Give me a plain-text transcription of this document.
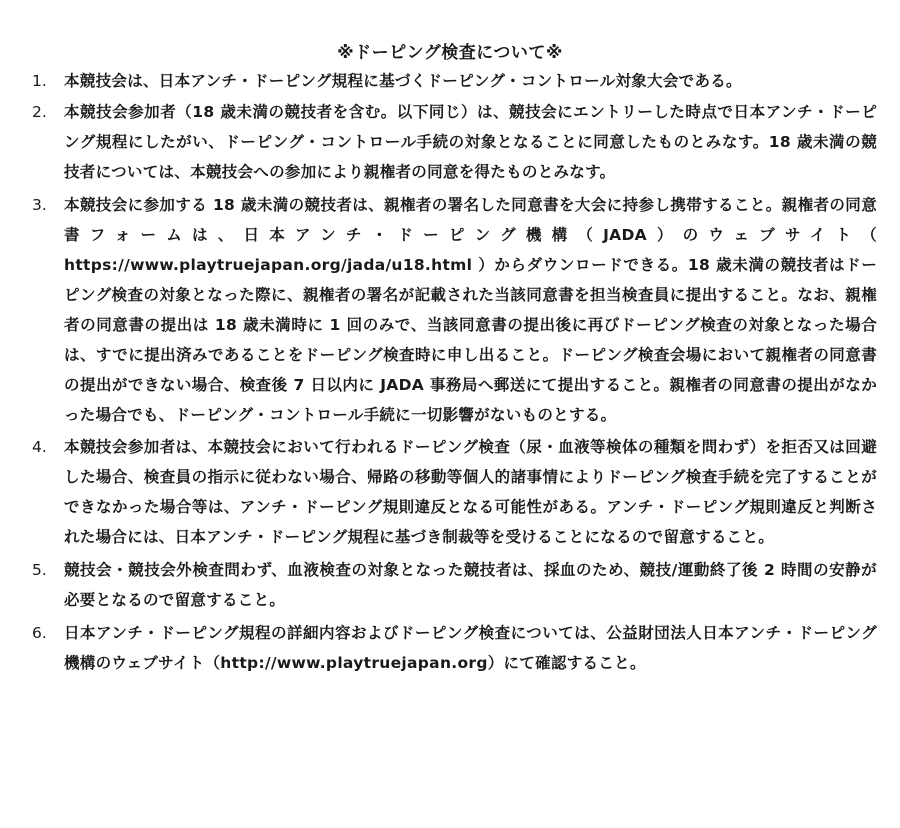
※ドーピング検査について※
1.	本競技会は、日本アンチ・ドーピング規程に基づくドーピング・コントロール対象大会である。
2.	本競技会参加者（18 歳未満の競技者を含む。以下同じ）は、競技会にエントリーした時点で日本アンチ・ドーピング規程にしたがい、ドーピング・コントロール手続の対象となることに同意したものとみなす。18 歳未満の競技者については、本競技会への参加により親権者の同意を得たものとみなす。
3.	本競技会に参加する 18 歳未満の競技者は、親権者の署名した同意書を大会に持参し携帯すること。親権者の同意書フォームは、日本アンチ・ドーピング機構（JADA）のウェブサイト（ https://www.playtruejapan.org/jada/u18.html ）からダウンロードできる。18 歳未満の競技者はドーピング検査の対象となった際に、親権者の署名が記載された当該同意書を担当検査員に提出すること。なお、親権者の同意書の提出は 18 歳未満時に 1 回のみで、当該同意書の提出後に再びドーピング検査の対象となった場合は、すでに提出済みであることをドーピング検査時に申し出ること。ドーピング検査会場において親権者の同意書の提出ができない場合、検査後 7 日以内に JADA 事務局へ郵送にて提出すること。親権者の同意書の提出がなかった場合でも、ドーピング・コントロール手続に一切影響がないものとする。
4.	本競技会参加者は、本競技会において行われるドーピング検査（尿・血液等検体の種類を問わず）を拒否又は回避した場合、検査員の指示に従わない場合、帰路の移動等個人的諸事情によりドーピング検査手続を完了することができなかった場合等は、アンチ・ドーピング規則違反となる可能性がある。アンチ・ドーピング規則違反と判断された場合には、日本アンチ・ドーピング規程に基づき制裁等を受けることになるので留意すること。
5.	競技会・競技会外検査問わず、血液検査の対象となった競技者は、採血のため、競技/運動終了後 2 時間の安静が必要となるので留意すること。
6.	日本アンチ・ドーピング規程の詳細内容およびドーピング検査については、公益財団法人日本アンチ・ドーピング機構のウェブサイト（http://www.playtruejapan.org）にて確認すること。
